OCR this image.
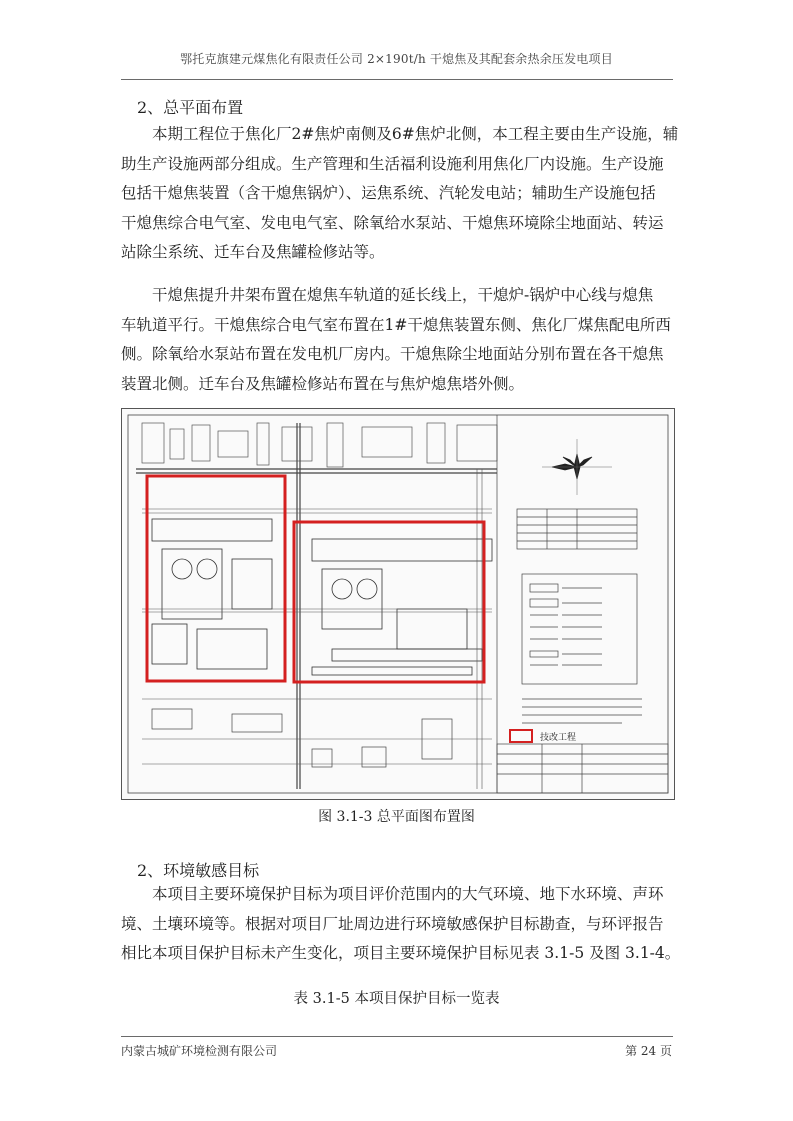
鄂托克旗建元煤焦化有限责任公司 2×190t/h 干熄焦及其配套余热余压发电项目
2、总平面布置
本期工程位于焦化厂2#焦炉南侧及6#焦炉北侧，本工程主要由生产设施，辅
助生产设施两部分组成。生产管理和生活福利设施利用焦化厂内设施。生产设施
包括干熄焦装置（含干熄焦锅炉）、运焦系统、汽轮发电站；辅助生产设施包括
干熄焦综合电气室、发电电气室、除氧给水泵站、干熄焦环境除尘地面站、转运
站除尘系统、迁车台及焦罐检修站等。
干熄焦提升井架布置在熄焦车轨道的延长线上，干熄炉-锅炉中心线与熄焦
车轨道平行。干熄焦综合电气室布置在1#干熄焦装置东侧、焦化厂煤焦配电所西
侧。除氧给水泵站布置在发电机厂房内。干熄焦除尘地面站分别布置在各干熄焦
装置北侧。迁车台及焦罐检修站布置在与焦炉熄焦塔外侧。
技改工程
图 3.1-3 总平面图布置图
2、环境敏感目标
本项目主要环境保护目标为项目评价范围内的大气环境、地下水环境、声环
境、土壤环境等。根据对项目厂址周边进行环境敏感保护目标勘查，与环评报告
相比本项目保护目标未产生变化，项目主要环境保护目标见表 3.1-5 及图 3.1-4。
表 3.1-5 本项目保护目标一览表
内蒙古城矿环境检测有限公司	第 24 页
